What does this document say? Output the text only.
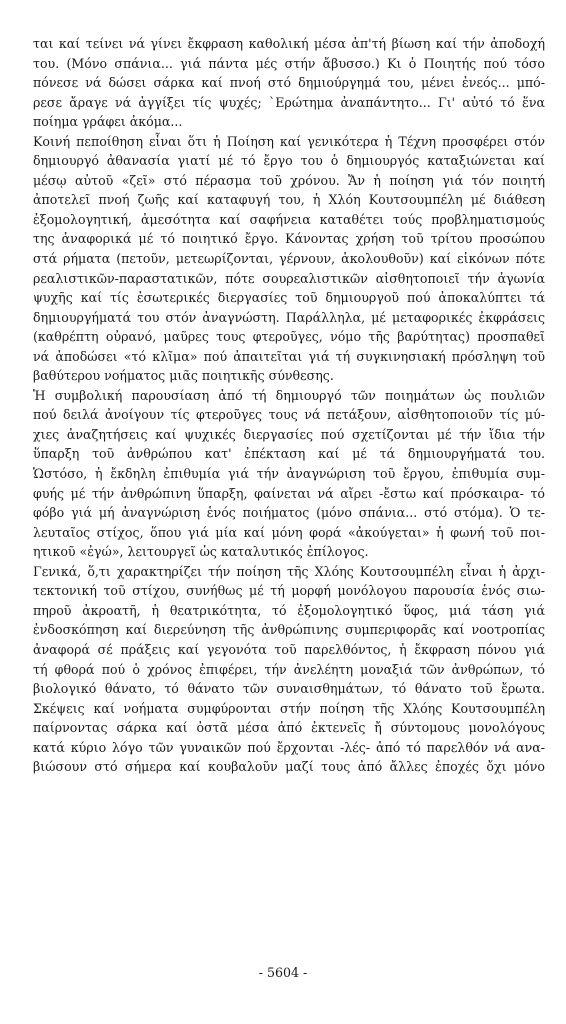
ται καί τείνει νά γίνει ἔκφραση καθολική μέσα ἀπ'τή βίωση καί τήν ἀποδοχή
του. (Μόνο σπάνια... γιά πάντα μές στήν ἄβυσσο.) Κι ὁ Ποιητής πού τόσο
πόνεσε νά δώσει σάρκα καί πνοή στό δημιούργημά του, μένει ἐνεός... μπό-
ρεσε ἄραγε νά ἀγγίξει τίς ψυχές; `Ερώτημα ἀναπάντητο... Γι' αὐτό τό ἕνα
ποίημα γράφει ἀκόμα...
Κοινή πεποίθηση εἶναι ὅτι ἡ Ποίηση καί γενικότερα ἡ Τέχνη προσφέρει στόν
δημιουργό ἀθανασία γιατί μέ τό ἔργο του ὁ δημιουργός καταξιώνεται καί
μέσῳ αὐτοῦ «ζεῖ» στό πέρασμα τοῦ χρόνου. Ἄν ἡ ποίηση γιά τόν ποιητή
ἀποτελεῖ πνοή ζωῆς καί καταφυγή του, ἡ Χλόη Κουτσουμπέλη μέ διάθεση
ἐξομολογητική, ἀμεσότητα καί σαφήνεια καταθέτει τούς προβληματισμούς
της ἀναφορικά μέ τό ποιητικό ἔργο. Κάνοντας χρήση τοῦ τρίτου προσώπου
στά ρήματα (πετοῦν, μετεωρίζονται, γέρνουν, ἀκολουθοῦν) καί εἰκόνων πότε
ρεαλιστικῶν-παραστατικῶν, πότε σουρεαλιστικῶν αἰσθητοποιεῖ τήν ἀγωνία
ψυχῆς καί τίς ἐσωτερικές διεργασίες τοῦ δημιουργοῦ πού ἀποκαλύπτει τά
δημιουργήματά του στόν ἀναγνώστη. Παράλληλα, μέ μεταφορικές ἐκφράσεις
(καθρέπτη οὐρανό, μαῦρες τους φτεροῦγες, νόμο τῆς βαρύτητας) προσπαθεῖ
νά ἀποδώσει «τό κλῖμα» πού ἀπαιτεῖται γιά τή συγκινησιακή πρόσληψη τοῦ
βαθύτερου νοήματος μιᾶς ποιητικῆς σύνθεσης.
Ἡ συμβολική παρουσίαση ἀπό τή δημιουργό τῶν ποιημάτων ὡς πουλιῶν
πού δειλά ἀνοίγουν τίς φτεροῦγες τους νά πετάξουν, αἰσθητοποιοῦν τίς μύ-
χιες ἀναζητήσεις καί ψυχικές διεργασίες πού σχετίζονται μέ τήν ἴδια τήν
ὕπαρξη τοῦ ἀνθρώπου κατ' ἐπέκταση καί μέ τά δημιουργήματά του.
Ὡστόσο, ἡ ἔκδηλη ἐπιθυμία γιά τήν ἀναγνώριση τοῦ ἔργου, ἐπιθυμία συμ-
φυής μέ τήν ἀνθρώπινη ὕπαρξη, φαίνεται νά αἴρει -ἔστω καί πρόσκαιρα- τό
φόβο γιά μή ἀναγνώριση ἑνός ποιήματος (μόνο σπάνια... στό στόμα). Ὁ τε-
λευταῖος στίχος, ὅπου γιά μία καί μόνη φορά «ἀκούγεται» ἡ φωνή τοῦ ποι-
ητικοῦ «ἐγώ», λειτουργεῖ ὡς καταλυτικός ἐπίλογος.
Γενικά, ὅ,τι χαρακτηρίζει τήν ποίηση τῆς Χλόης Κουτσουμπέλη εἶναι ἡ ἀρχι-
τεκτονική τοῦ στίχου, συνήθως μέ τή μορφή μονόλογου παρουσία ἑνός σιω-
πηροῦ ἀκροατῆ, ἡ θεατρικότητα, τό ἐξομολογητικό ὕφος, μιά τάση γιά
ἐνδοσκόπηση καί διερεύνηση τῆς ἀνθρώπινης συμπεριφορᾶς καί νοοτροπίας
ἀναφορά σέ πράξεις καί γεγονότα τοῦ παρελθόντος, ἡ ἔκφραση πόνου γιά
τή φθορά πού ὁ χρόνος ἐπιφέρει, τήν ἀνελέητη μοναξιά τῶν ἀνθρώπων, τό
βιολογικό θάνατο, τό θάνατο τῶν συναισθημάτων, τό θάνατο τοῦ ἔρωτα.
Σκέψεις καί νοήματα συμφύρονται στήν ποίηση τῆς Χλόης Κουτσουμπέλη
παίρνοντας σάρκα καί ὀστᾶ μέσα ἀπό ἐκτενεῖς ἤ σύντομους μονολόγους
κατά κύριο λόγο τῶν γυναικῶν πού ἔρχονται -λές- ἀπό τό παρελθόν νά ανα-
βιώσουν στό σήμερα καί κουβαλοῦν μαζί τους ἀπό ἄλλες ἐποχές ὄχι μόνο
- 5604 -
